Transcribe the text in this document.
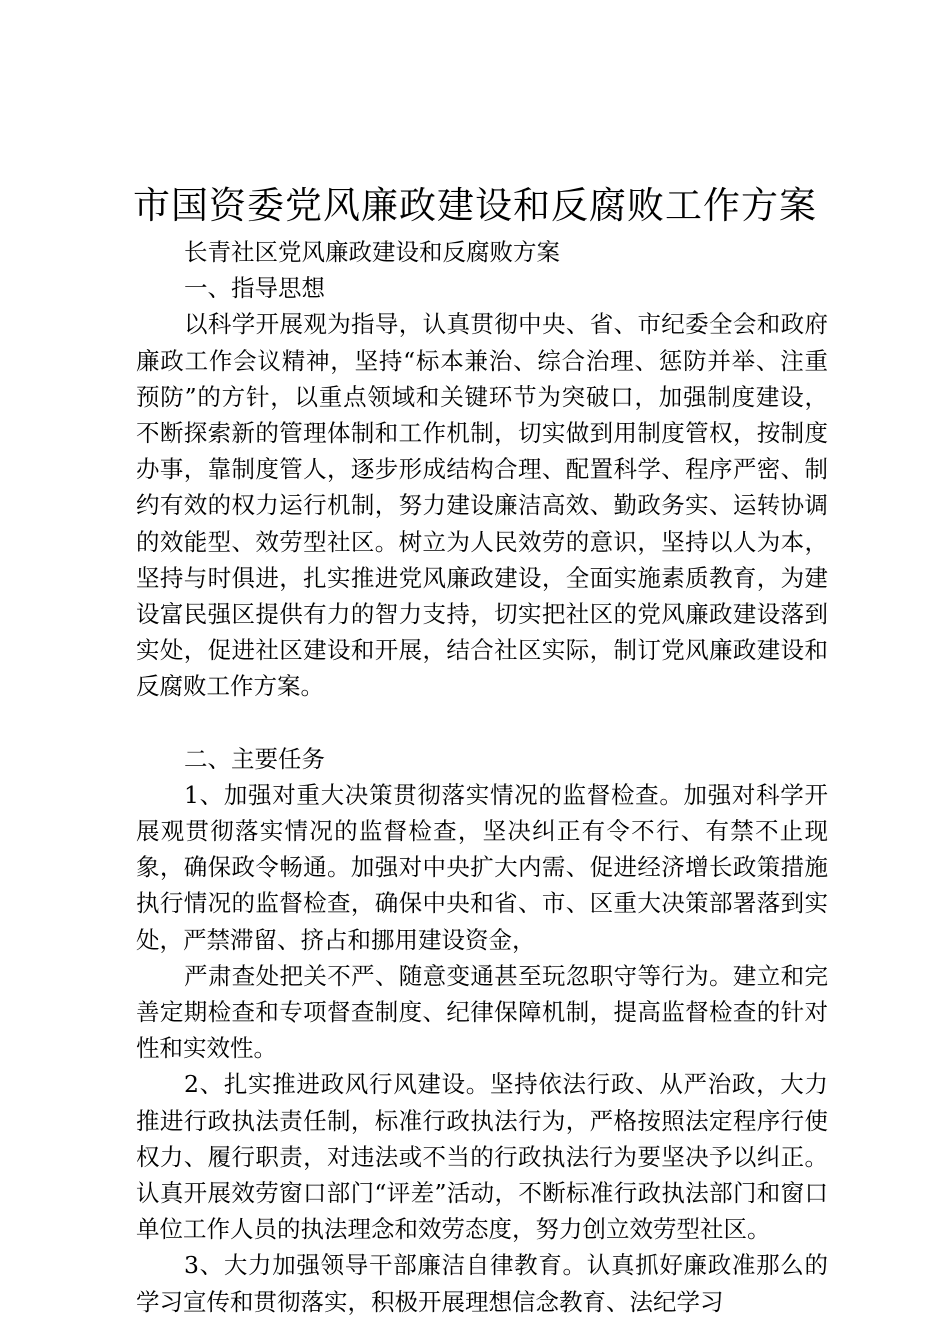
市国资委党风廉政建设和反腐败工作方案

长青社区党风廉政建设和反腐败方案

一、指导思想

以科学开展观为指导，认真贯彻中央、省、市纪委全会和政府廉政工作会议精神，坚持“标本兼治、综合治理、惩防并举、注重预防”的方针，以重点领域和关键环节为突破口，加强制度建设，不断探索新的管理体制和工作机制，切实做到用制度管权，按制度办事，靠制度管人，逐步形成结构合理、配置科学、程序严密、制约有效的权力运行机制，努力建设廉洁高效、勤政务实、运转协调的效能型、效劳型社区。树立为人民效劳的意识，坚持以人为本，坚持与时俱进，扎实推进党风廉政建设，全面实施素质教育，为建设富民强区提供有力的智力支持，切实把社区的党风廉政建设落到实处，促进社区建设和开展，结合社区实际，制订党风廉政建设和反腐败工作方案。

二、主要任务

1、加强对重大决策贯彻落实情况的监督检查。加强对科学开展观贯彻落实情况的监督检查，坚决纠正有令不行、有禁不止现象，确保政令畅通。加强对中央扩大内需、促进经济增长政策措施执行情况的监督检查，确保中央和省、市、区重大决策部署落到实处，严禁滞留、挤占和挪用建设资金，

严肃查处把关不严、随意变通甚至玩忽职守等行为。建立和完善定期检查和专项督查制度、纪律保障机制，提高监督检查的针对性和实效性。

2、扎实推进政风行风建设。坚持依法行政、从严治政，大力推进行政执法责任制，标准行政执法行为，严格按照法定程序行使权力、履行职责，对违法或不当的行政执法行为要坚决予以纠正。认真开展效劳窗口部门“评差”活动，不断标准行政执法部门和窗口单位工作人员的执法理念和效劳态度，努力创立效劳型社区。

3、大力加强领导干部廉洁自律教育。认真抓好廉政准那么的学习宣传和贯彻落实，积极开展理想信念教育、法纪学习
